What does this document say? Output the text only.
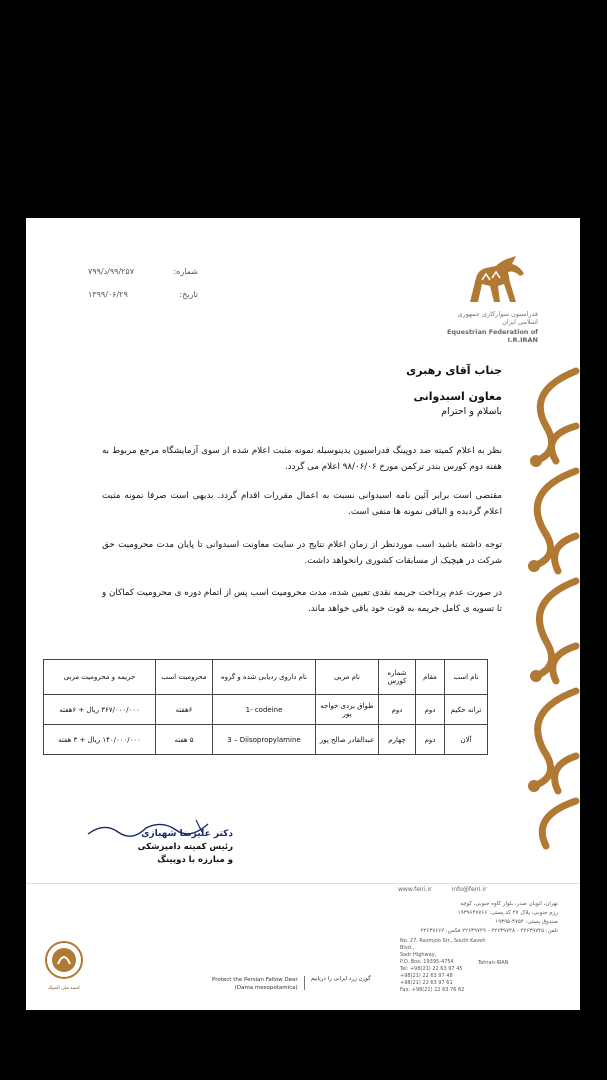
شماره:
۹۹/۲۵۷/د/۷۹۹
تاریخ:
۱۳۹۹/۰۶/۲۹
فدراسیون سوارکاری جمهوری اسلامی ایران
Equestrian Federation of I.R.IRAN
جناب آقای رهبری
معاون اسبدوانی
باسلام و احترام
نظر به اعلام کمیته ضد دوپینگ فدراسیون بدینوسیله نمونه مثبت اعلام شده از سوی آزمایشگاه مرجع مربوط به هفته دوم کورس بندر ترکمن مورخ ۹۸/۰۶/۰۶ اعلام می گردد.
مقتضی است برابر آئین نامه اسبدوانی نسبت به اعمال مقررات اقدام گردد. بدیهی است صرفا نمونه مثبت اعلام گردیده و الباقی نمونه ها منفی است.
توجه داشته باشید اسب موردنظر از زمان اعلام نتایج در سایت معاونت اسبدوانی تا پایان مدت محرومیت حق شرکت در هیچیک از مسابقات کشوری رانخواهد داشت.
در صورت عدم پرداخت جریمه نقدی تعیین شده، مدت محرومیت اسب پس از اتمام دوره ی محرومیت کماکان و تا تسویه ی کامل جریمه به قوت خود باقی خواهد ماند.
نام اسب	مقام	شماره کورس	نام مربی	نام داروی ردیابی شده و گروه	محرومیت اسب	جریمه و محرومیت مربی
ترانه حکیم	دوم	دوم	طواق بردی خواجه پور	1- codeine	۶هفته	۳۶۷/۰۰۰/۰۰۰ ریال + ۶هفته
آلان	دوم	چهارم	عبدالقادر صالح پور	3 – Diisopropylamine	۵ هفته	۱۴۰/۰۰۰/۰۰۰ ریال + ۳ هفته
دکتر علیرضا شهبازی
رئیس کمیته دامپزشکی
و مبارزه با دوپینگ
www.feiri.ir	info@feiri.ir
تهران، اتوبان صدر، بلوار کاوه جنوبی، کوچه
رزم جنوبی، پلاک ۲۷ کد پستی: ۱۹۳۹۶۴۷۷۶۶
صندوق پستی: ۴۷۵۴-۱۹۳۹۵
تلفن: ۲۲۶۳۹۷۴۵ - ۲۲۶۳۹۷۴۸ - ۲۲۶۳۹۷۴۹ فکس: ۲۲۶۳۷۶۶۲
No. 27, Razmjoo Str., South Kaveh Blvd.,
Sadr Highway,
P.O. Box: 19395-4754
Tel: +98(21) 22 63 97 45
+98(21) 22 63 97 48
+98(21) 22 63 97 61
Fax: +98(21) 22 63 76 62
Tehran-IRAN
کمیته ملی المپیک
Protect the Persian Fallow Deer
(Dama mesopotamica)
گوزن زرد ایرانی را دریابیم
